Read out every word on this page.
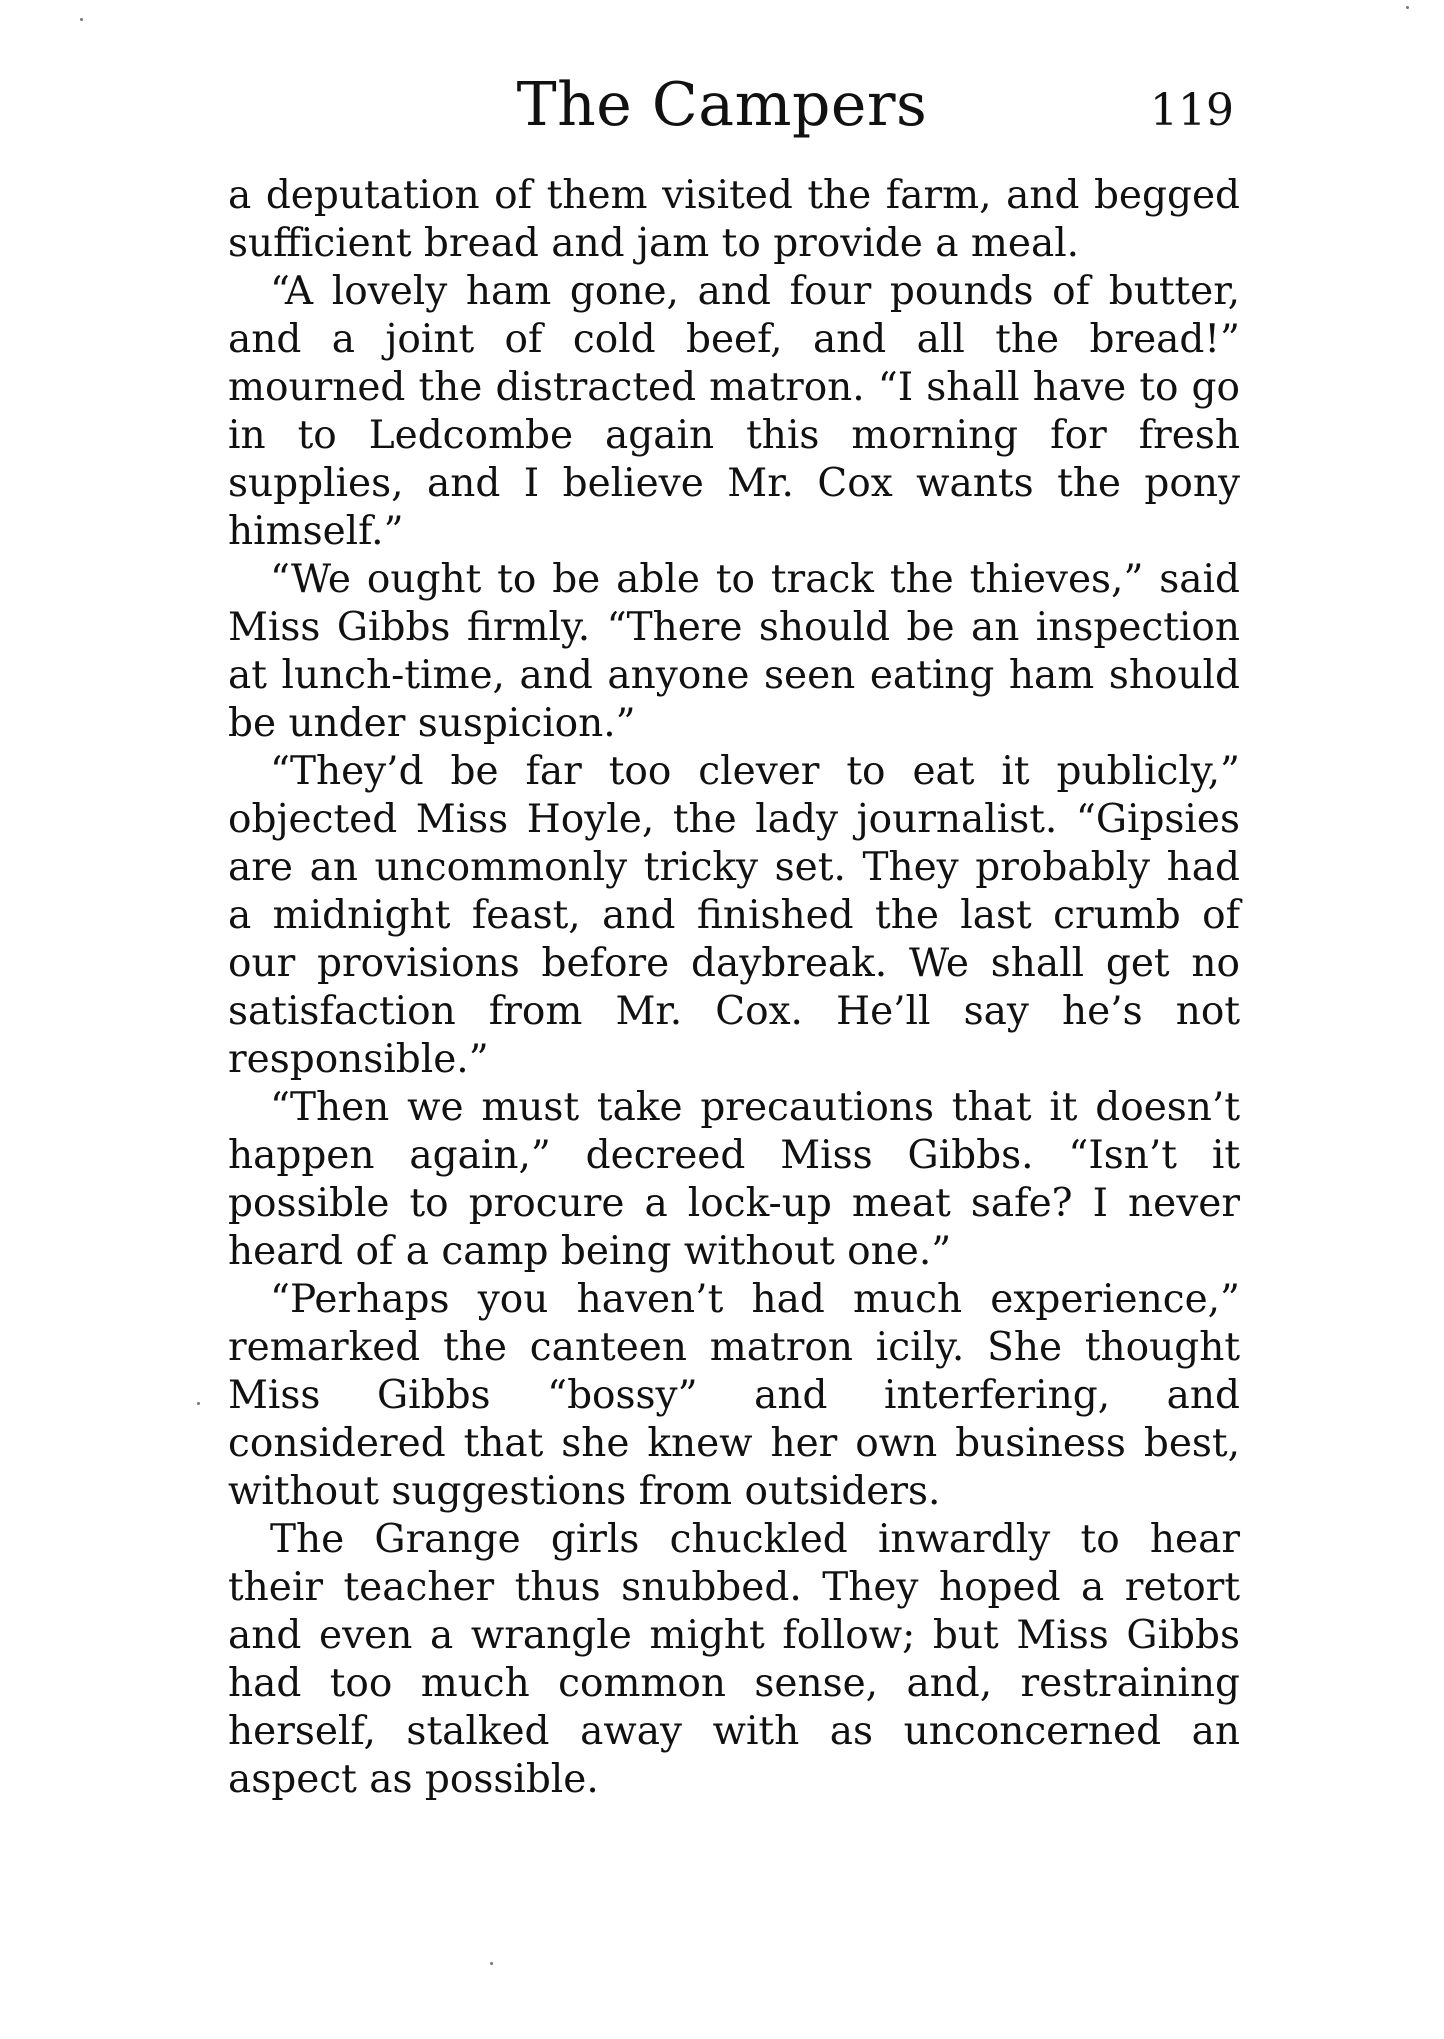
The Campers	119

a deputation of them visited the farm, and begged sufficient bread and jam to provide a meal.

“A lovely ham gone, and four pounds of butter, and a joint of cold beef, and all the bread!” mourned the distracted matron. “I shall have to go in to Ledcombe again this morning for fresh supplies, and I believe Mr. Cox wants the pony himself.”

“We ought to be able to track the thieves,” said Miss Gibbs firmly. “There should be an inspection at lunch-time, and anyone seen eating ham should be under suspicion.”

“They’d be far too clever to eat it publicly,” objected Miss Hoyle, the lady journalist. “Gipsies are an uncommonly tricky set. They probably had a midnight feast, and finished the last crumb of our provisions before daybreak. We shall get no satisfaction from Mr. Cox. He’ll say he’s not responsible.”

“Then we must take precautions that it doesn’t happen again,” decreed Miss Gibbs. “Isn’t it possible to procure a lock-up meat safe? I never heard of a camp being without one.”

“Perhaps you haven’t had much experience,” remarked the canteen matron icily. She thought Miss Gibbs “bossy” and interfering, and considered that she knew her own business best, without suggestions from outsiders.

The Grange girls chuckled inwardly to hear their teacher thus snubbed. They hoped a retort and even a wrangle might follow; but Miss Gibbs had too much common sense, and, restraining herself, stalked away with as unconcerned an aspect as possible.
